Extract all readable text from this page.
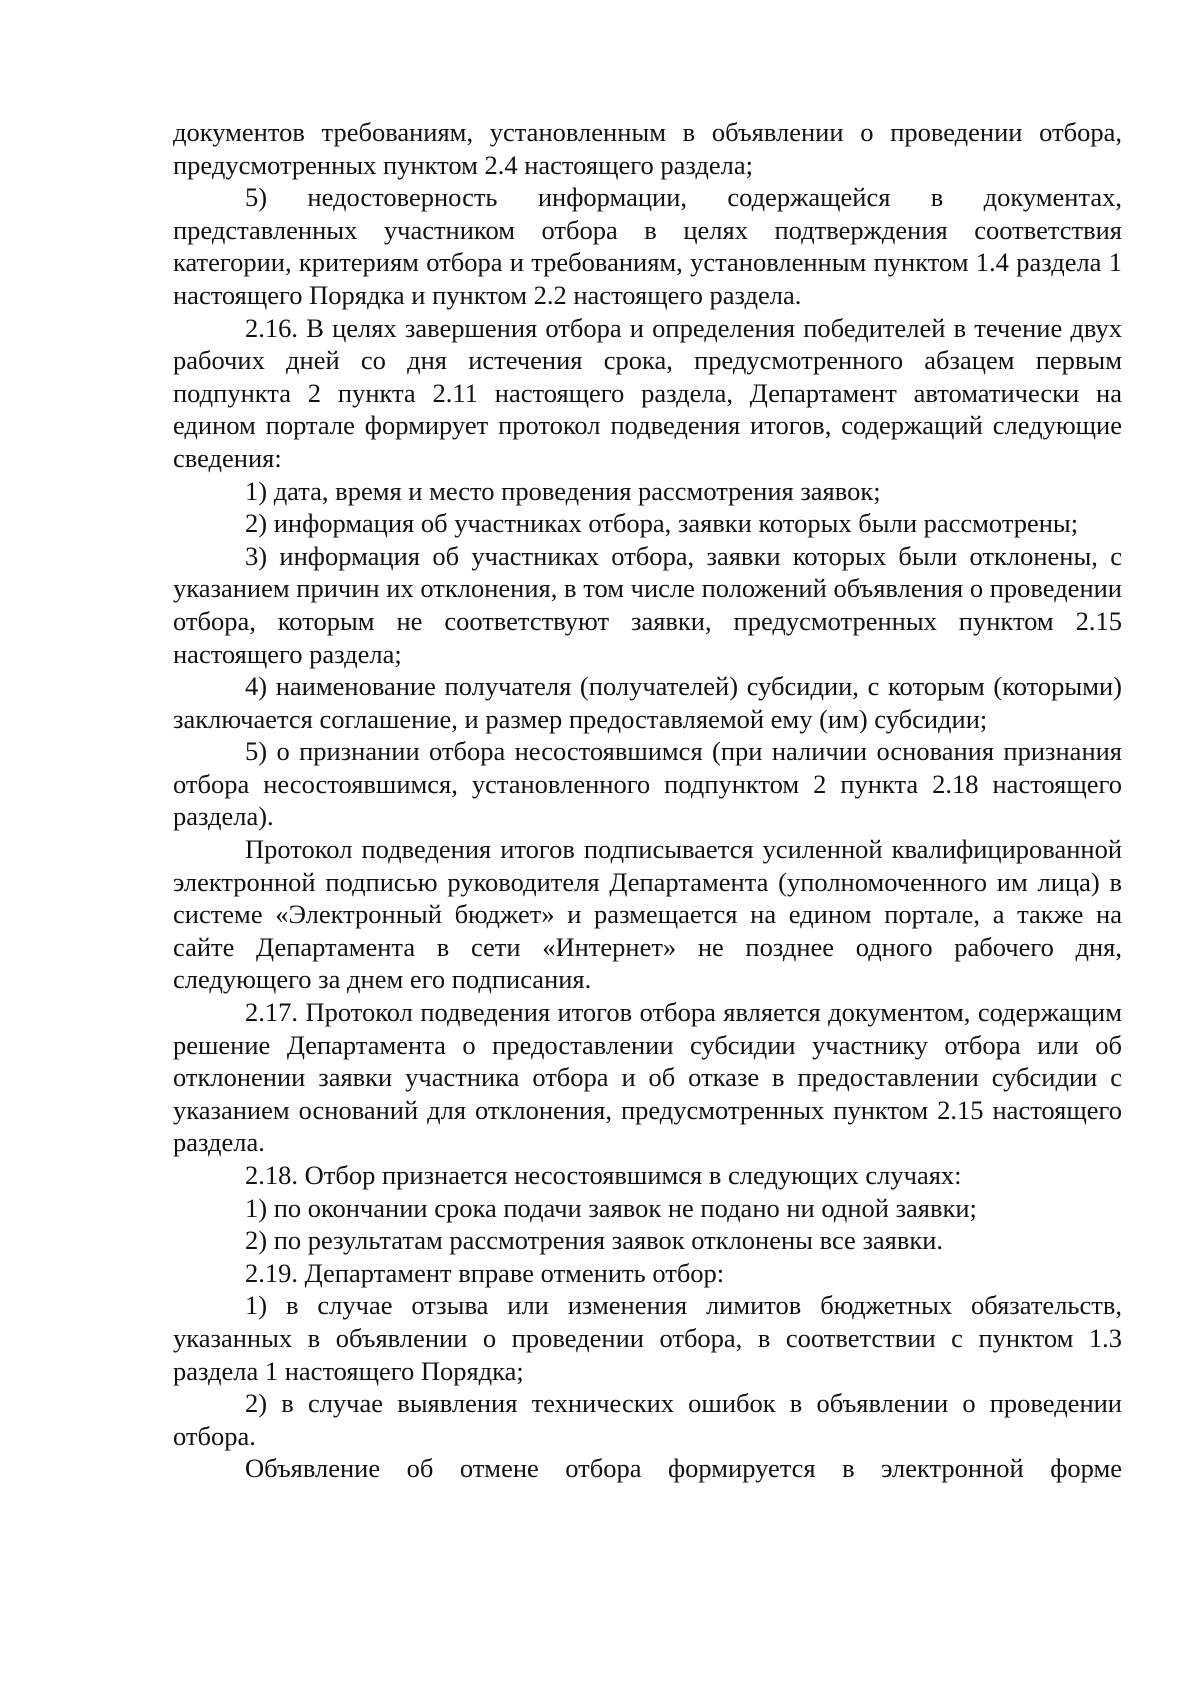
документов требованиям, установленным в объявлении о проведении отбора, предусмотренных пунктом 2.4 настоящего раздела;

5) недостоверность информации, содержащейся в документах, представленных участником отбора в целях подтверждения соответствия категории, критериям отбора и требованиям, установленным пунктом 1.4 раздела 1 настоящего Порядка и пунктом 2.2 настоящего раздела.

2.16. В целях завершения отбора и определения победителей в течение двух рабочих дней со дня истечения срока, предусмотренного абзацем первым подпункта 2 пункта 2.11 настоящего раздела, Департамент автоматически на едином портале формирует протокол подведения итогов, содержащий следующие сведения:

1) дата, время и место проведения рассмотрения заявок;

2) информация об участниках отбора, заявки которых были рассмотрены;

3) информация об участниках отбора, заявки которых были отклонены, с указанием причин их отклонения, в том числе положений объявления о проведении отбора, которым не соответствуют заявки, предусмотренных пунктом 2.15 настоящего раздела;

4) наименование получателя (получателей) субсидии, с которым (которыми) заключается соглашение, и размер предоставляемой ему (им) субсидии;

5) о признании отбора несостоявшимся (при наличии основания признания отбора несостоявшимся, установленного подпунктом 2 пункта 2.18 настоящего раздела).

Протокол подведения итогов подписывается усиленной квалифицированной электронной подписью руководителя Департамента (уполномоченного им лица) в системе «Электронный бюджет» и размещается на едином портале, а также на сайте Департамента в сети «Интернет» не позднее одного рабочего дня, следующего за днем его подписания.

2.17. Протокол подведения итогов отбора является документом, содержащим решение Департамента о предоставлении субсидии участнику отбора или об отклонении заявки участника отбора и об отказе в предоставлении субсидии с указанием оснований для отклонения, предусмотренных пунктом 2.15 настоящего раздела.

2.18. Отбор признается несостоявшимся в следующих случаях:

1) по окончании срока подачи заявок не подано ни одной заявки;

2) по результатам рассмотрения заявок отклонены все заявки.

2.19. Департамент вправе отменить отбор:

1) в случае отзыва или изменения лимитов бюджетных обязательств, указанных в объявлении о проведении отбора, в соответствии с пунктом 1.3 раздела 1 настоящего Порядка;

2) в случае выявления технических ошибок в объявлении о проведении отбора.

Объявление об отмене отбора формируется в электронной форме
